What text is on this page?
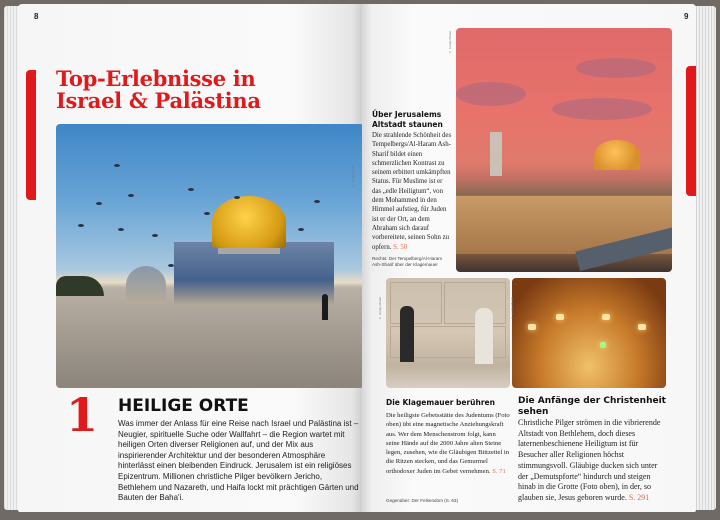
8
Top-Erlebnisse in
Israel & Palästina
© Lonely Planet
1 HEILIGE ORTE

Was immer der Anlass für eine Reise nach Israel und Palästina ist – Neugier, spirituelle Suche oder Wallfahrt – die Region wartet mit heiligen Orten diverser Religionen auf, und der Mix aus inspirierender Architektur und der besonderen Atmosphäre hinterlässt einen bleibenden Eindruck. Jerusalem ist ein religiöses Epizentrum. Millionen christliche Pilger bevölkern Jericho, Bethlehem und Nazareth, und Haifa lockt mit prächtigen Gärten und Bauten der Baha'i.

9
© Lonely Planet
Über Jerusalems Altstadt staunen

Die strahlende Schönheit des Tempelbergs/Al-Haram Ash-Sharif bildet einen schmerzlichen Kontrast zu seinem erbittert umkämpften Status. Für Muslime ist er das „edle Heiligtum“, von dem Mohammed in den Himmel aufstieg, für Juden ist er der Ort, an dem Abraham sich darauf vorbereitete, seinen Sohn zu opfern. S. 50

Rechts: Der Tempelberg/Al-Haram Ash-Sharif über der Klagemauer

© Lonely Planet	© Lonely Planet
Die Klagemauer berühren

Die heiligste Gebetsstätte des Judentums (Foto oben) übt eine magnetische Anziehungskraft aus. Wer dem Menschenstrom folgt, kann seine Hände auf die 2000 Jahre alten Steine legen, zusehen, wie die Gläubigen Bittzettel in die Ritzen stecken, und das Gemurmel orthodoxer Juden im Gebet vernehmen. S. 71

Gegenüber: Der Felsendom (S. 63)

Die Anfänge der Christenheit sehen

Christliche Pilger strömen in die vibrierende Altstadt von Bethlehem, doch dieses laternenbeschienene Heiligtum ist für Besucher aller Religionen höchst stimmungsvoll. Gläubige ducken sich unter der „Demutspforte“ hindurch und steigen hinab in die Grotte (Foto oben), in der, so glauben sie, Jesus geboren wurde. S. 291
